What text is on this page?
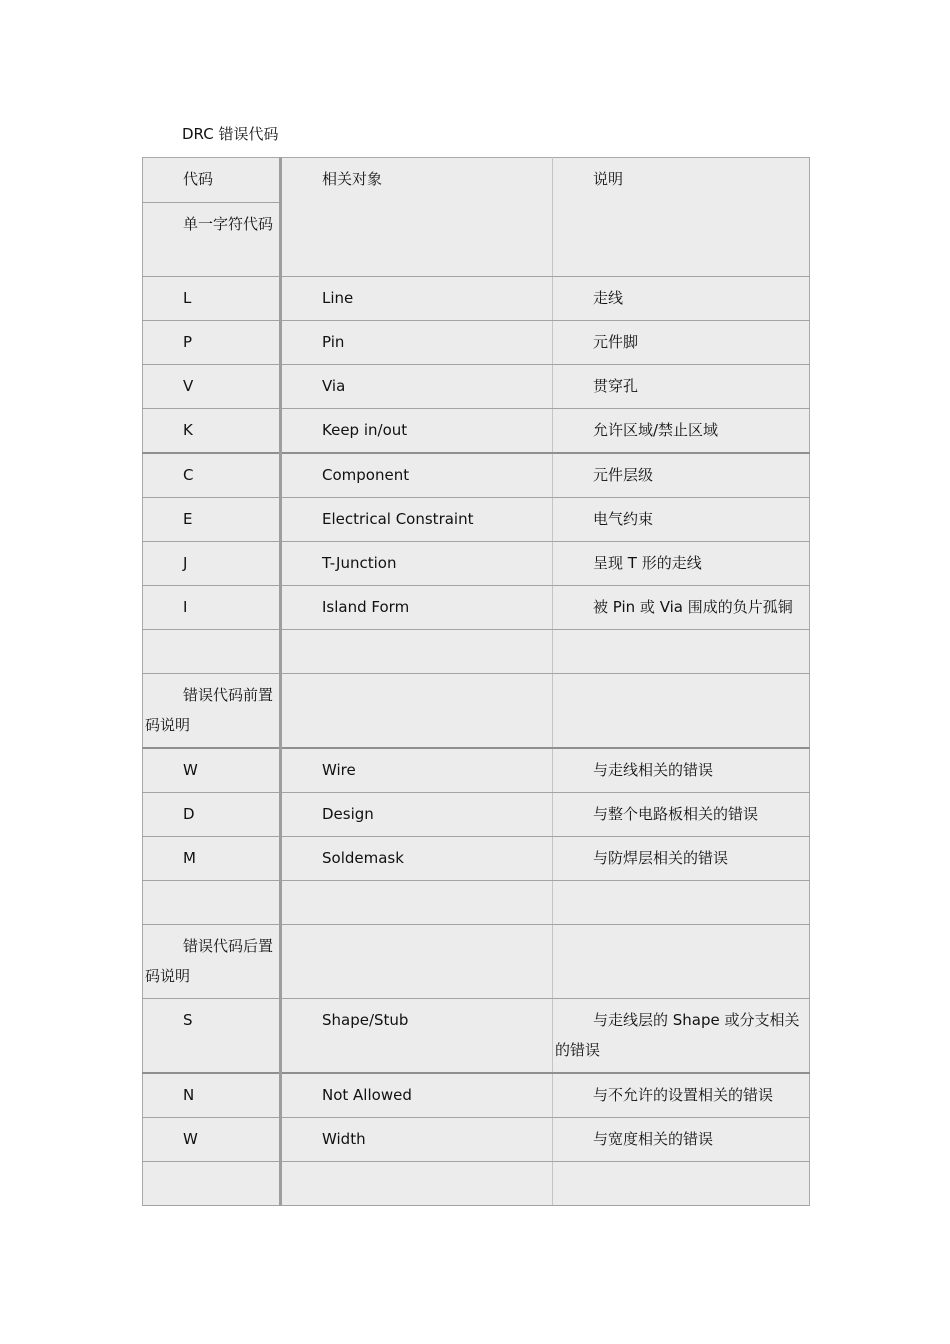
DRC 错误代码
代码	相关对象	说明

单一字符代码		

L	Line	走线

P	Pin	元件脚

V	Via	贯穿孔

K	Keep in/out	允许区域/禁止区域

C	Component	元件层级

E	Electrical Constraint	电气约束

J	T-Junction	呈现 T 形的走线

I	Island Form	被 Pin 或 Via 围成的负片孤铜

错误代码前置码说明		

W	Wire	与走线相关的错误

D	Design	与整个电路板相关的错误

M	Soldemask	与防焊层相关的错误

错误代码后置码说明		

S	Shape/Stub	与走线层的 Shape 或分支相关的错误

N	Not Allowed	与不允许的设置相关的错误

W	Width	与宽度相关的错误
